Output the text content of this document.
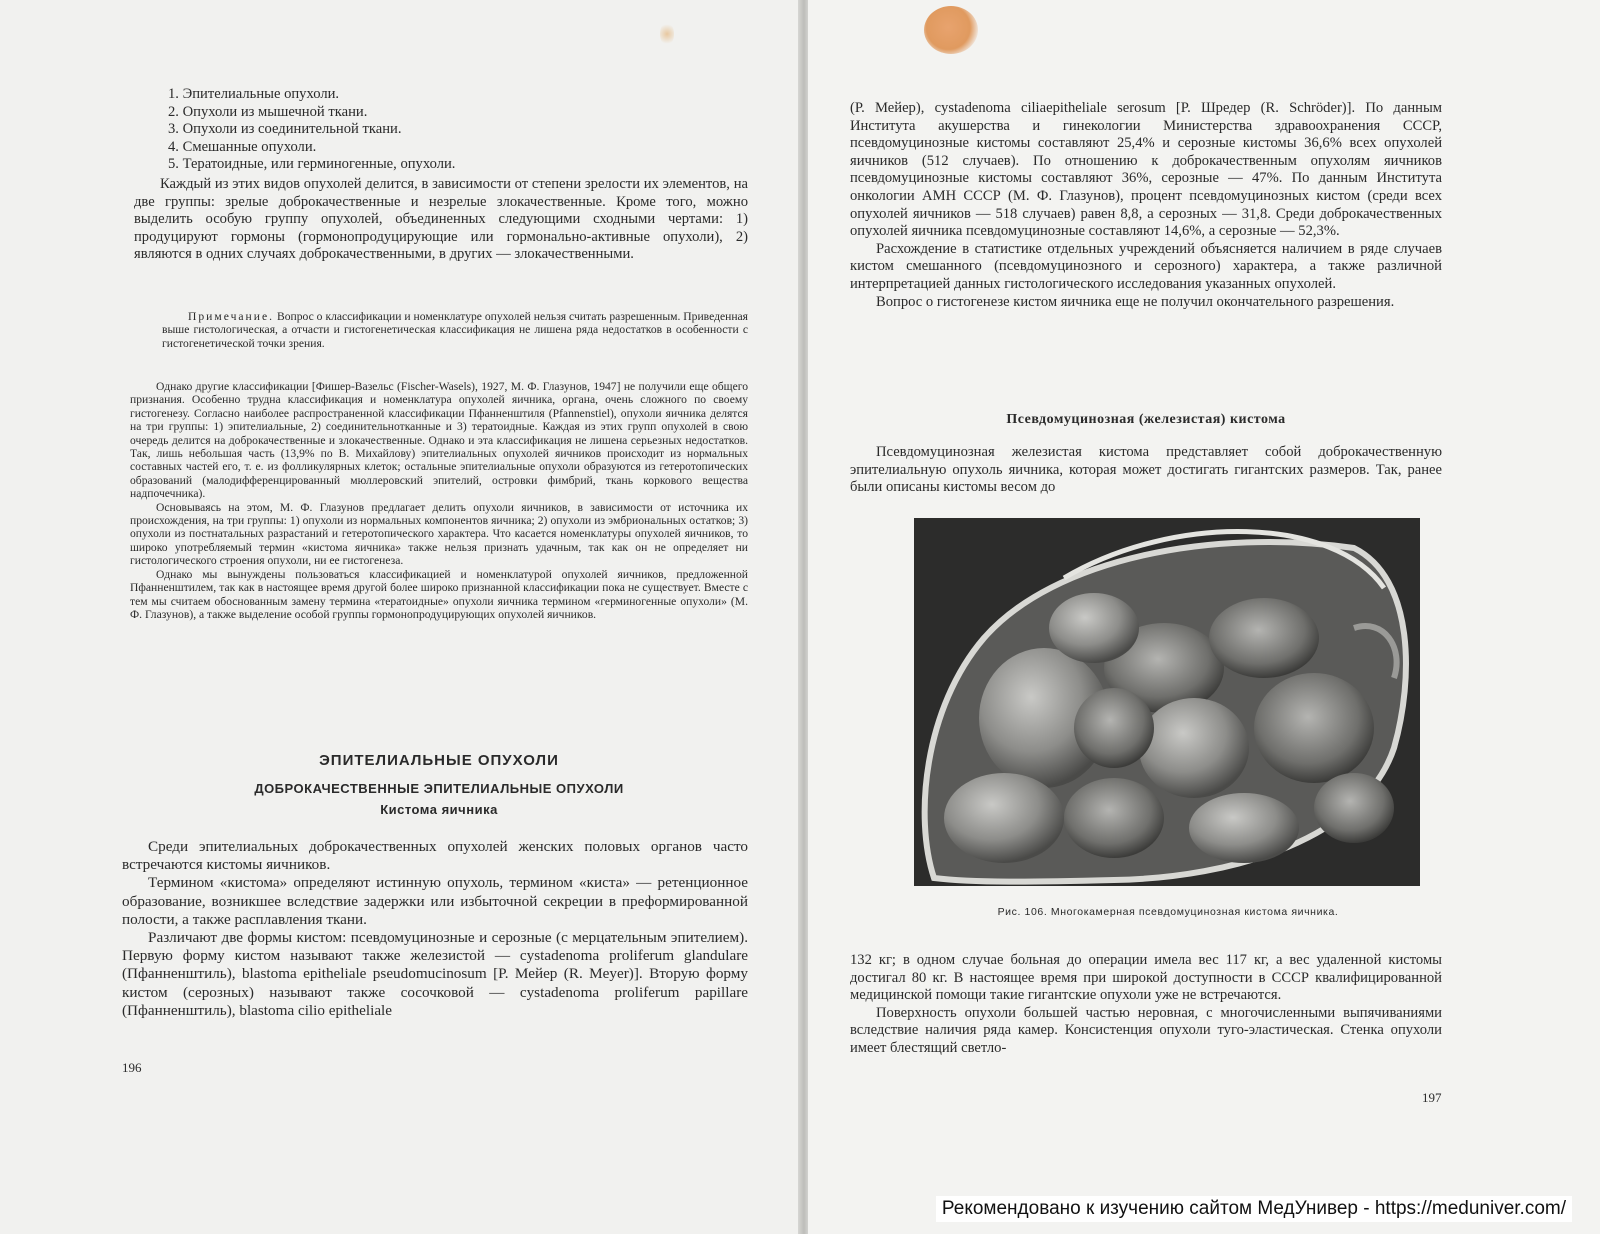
1. Эпителиальные опухоли.
2. Опухоли из мышечной ткани.
3. Опухоли из соединительной ткани.
4. Смешанные опухоли.
5. Тератоидные, или герминогенные, опухоли.

Каждый из этих видов опухолей делится, в зависимости от степени зрелости их элементов, на две группы: зрелые доброкачественные и незрелые злокачественные. Кроме того, можно выделить особую группу опухолей, объединенных следующими сходными чертами: 1) продуцируют гормоны (гормонопродуцирующие или гормонально-активные опухоли), 2) являются в одних случаях доброкачественными, в других — злокачественными.

Примечание. Вопрос о классификации и номенклатуре опухолей нельзя считать разрешенным. Приведенная выше гистологическая, а отчасти и гистогенетическая классификация не лишена ряда недостатков в особенности с гистогенетической точки зрения.

Однако другие классификации [Фишер-Вазельс (Fischer-Wasels), 1927, М. Ф. Глазунов, 1947] не получили еще общего признания. Особенно трудна классификация и номенклатура опухолей яичника, органа, очень сложного по своему гистогенезу. Согласно наиболее распространенной классификации Пфанненштиля (Pfannenstiel), опухоли яичника делятся на три группы: 1) эпителиальные, 2) соединительнотканные и 3) тератоидные. Каждая из этих групп опухолей в свою очередь делится на доброкачественные и злокачественные. Однако и эта классификация не лишена серьезных недостатков. Так, лишь небольшая часть (13,9% по В. Михайлову) эпителиальных опухолей яичников происходит из нормальных составных частей его, т. е. из фолликулярных клеток; остальные эпителиальные опухоли образуются из гетеротопических образований (малодифференцированный мюллеровский эпителий, островки фимбрий, ткань коркового вещества надпочечника).

Основываясь на этом, М. Ф. Глазунов предлагает делить опухоли яичников, в зависимости от источника их происхождения, на три группы: 1) опухоли из нормальных компонентов яичника; 2) опухоли из эмбриональных остатков; 3) опухоли из постнатальных разрастаний и гетеротопического характера. Что касается номенклатуры опухолей яичников, то широко употребляемый термин «кистома яичника» также нельзя признать удачным, так как он не определяет ни гистологического строения опухоли, ни ее гистогенеза.

Однако мы вынуждены пользоваться классификацией и номенклатурой опухолей яичников, предложенной Пфанненштилем, так как в настоящее время другой более широко признанной классификации пока не существует. Вместе с тем мы считаем обоснованным замену термина «тератоидные» опухоли яичника термином «герминогенные опухоли» (М. Ф. Глазунов), а также выделение особой группы гормонопродуцирующих опухолей яичников.

ЭПИТЕЛИАЛЬНЫЕ ОПУХОЛИ
ДОБРОКАЧЕСТВЕННЫЕ ЭПИТЕЛИАЛЬНЫЕ ОПУХОЛИ
Кистома яичника

Среди эпителиальных доброкачественных опухолей женских половых органов часто встречаются кистомы яичников.

Термином «кистома» определяют истинную опухоль, термином «киста» — ретенционное образование, возникшее вследствие задержки или избыточной секреции в преформированной полости, а также расплавления ткани.

Различают две формы кистом: псевдомуцинозные и серозные (с мерцательным эпителием). Первую форму кистом называют также железистой — cystadenoma proliferum glandulare (Пфанненштиль), blastoma epitheliale pseudomucinosum [Р. Мейер (R. Meyer)]. Вторую форму кистом (серозных) называют также сосочковой — cystadenoma proliferum papillare (Пфанненштиль), blastoma cilio epitheliale

196

(Р. Мейер), cystadenoma ciliaepitheliale serosum [Р. Шредер (R. Schröder)]. По данным Института акушерства и гинекологии Министерства здравоохранения СССР, псевдомуцинозные кистомы составляют 25,4% и серозные кистомы 36,6% всех опухолей яичников (512 случаев). По отношению к доброкачественным опухолям яичников псевдомуцинозные кистомы составляют 36%, серозные — 47%. По данным Института онкологии АМН СССР (М. Ф. Глазунов), процент псевдомуцинозных кистом (среди всех опухолей яичников — 518 случаев) равен 8,8, а серозных — 31,8. Среди доброкачественных опухолей яичника псевдомуцинозные составляют 14,6%, а серозные — 52,3%.

Расхождение в статистике отдельных учреждений объясняется наличием в ряде случаев кистом смешанного (псевдомуцинозного и серозного) характера, а также различной интерпретацией данных гистологического исследования указанных опухолей.

Вопрос о гистогенезе кистом яичника еще не получил окончательного разрешения.

Псевдомуцинозная (железистая) кистома

Псевдомуцинозная железистая кистома представляет собой доброкачественную эпителиальную опухоль яичника, которая может достигать гигантских размеров. Так, ранее были описаны кистомы весом до

Рис. 106. Многокамерная псевдомуцинозная кистома яичника.

132 кг; в одном случае больная до операции имела вес 117 кг, а вес удаленной кистомы достигал 80 кг. В настоящее время при широкой доступности в СССР квалифицированной медицинской помощи такие гигантские опухоли уже не встречаются.

Поверхность опухоли большей частью неровная, с многочисленными выпячиваниями вследствие наличия ряда камер. Консистенция опухоли туго-эластическая. Стенка опухоли имеет блестящий светло-

197
Рекомендовано к изучению сайтом МедУнивер - https://meduniver.com/
